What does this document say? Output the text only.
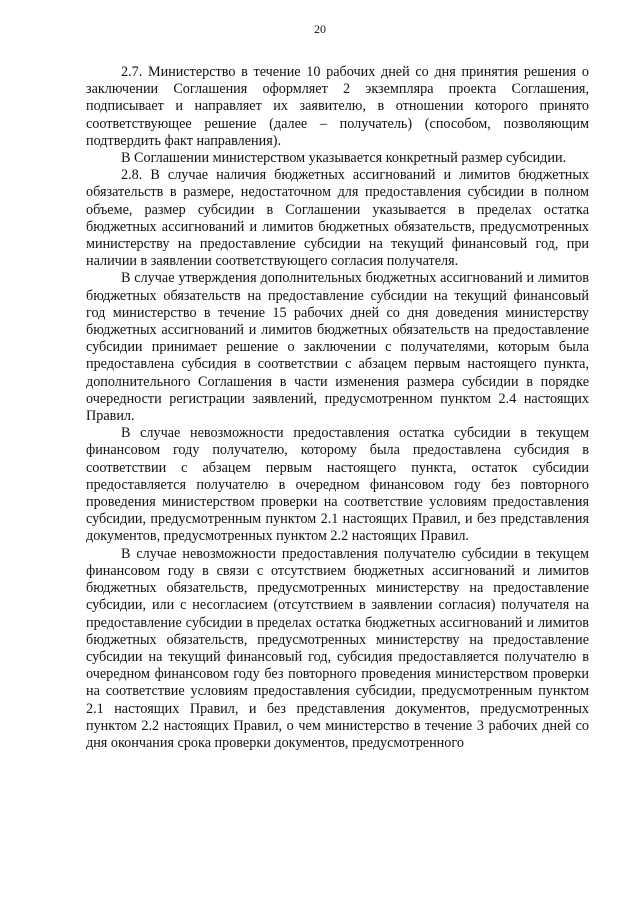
20

2.7. Министерство в течение 10 рабочих дней со дня принятия решения о заключении Соглашения оформляет 2 экземпляра проекта Соглашения, подписывает и направляет их заявителю, в отношении которого принято соответствующее решение (далее – получатель) (способом, позволяющим подтвердить факт направления).

В Соглашении министерством указывается конкретный размер субсидии.

2.8. В случае наличия бюджетных ассигнований и лимитов бюджетных обязательств в размере, недостаточном для предоставления субсидии в полном объеме, размер субсидии в Соглашении указывается в пределах остатка бюджетных ассигнований и лимитов бюджетных обязательств, предусмотренных министерству на предоставление субсидии на текущий финансовый год, при наличии в заявлении соответствующего согласия получателя.

В случае утверждения дополнительных бюджетных ассигнований и лимитов бюджетных обязательств на предоставление субсидии на текущий финансовый год министерство в течение 15 рабочих дней со дня доведения министерству бюджетных ассигнований и лимитов бюджетных обязательств на предоставление субсидии принимает решение о заключении с получателями, которым была предоставлена субсидия в соответствии с абзацем первым настоящего пункта, дополнительного Соглашения в части изменения размера субсидии в порядке очередности регистрации заявлений, предусмотренном пунктом 2.4 настоящих Правил.

В случае невозможности предоставления остатка субсидии в текущем финансовом году получателю, которому была предоставлена субсидия в соответствии с абзацем первым настоящего пункта, остаток субсидии предоставляется получателю в очередном финансовом году без повторного проведения министерством проверки на соответствие условиям предоставления субсидии, предусмотренным пунктом 2.1 настоящих Правил, и без представления документов, предусмотренных пунктом 2.2 настоящих Правил.

В случае невозможности предоставления получателю субсидии в текущем финансовом году в связи с отсутствием бюджетных ассигнований и лимитов бюджетных обязательств, предусмотренных министерству на предоставление субсидии, или с несогласием (отсутствием в заявлении согласия) получателя на предоставление субсидии в пределах остатка бюджетных ассигнований и лимитов бюджетных обязательств, предусмотренных министерству на предоставление субсидии на текущий финансовый год, субсидия предоставляется получателю в очередном финансовом году без повторного проведения министерством проверки на соответствие условиям предоставления субсидии, предусмотренным пунктом 2.1 настоящих Правил, и без представления документов, предусмотренных пунктом 2.2 настоящих Правил, о чем министерство в течение 3 рабочих дней со дня окончания срока проверки документов, предусмотренного
